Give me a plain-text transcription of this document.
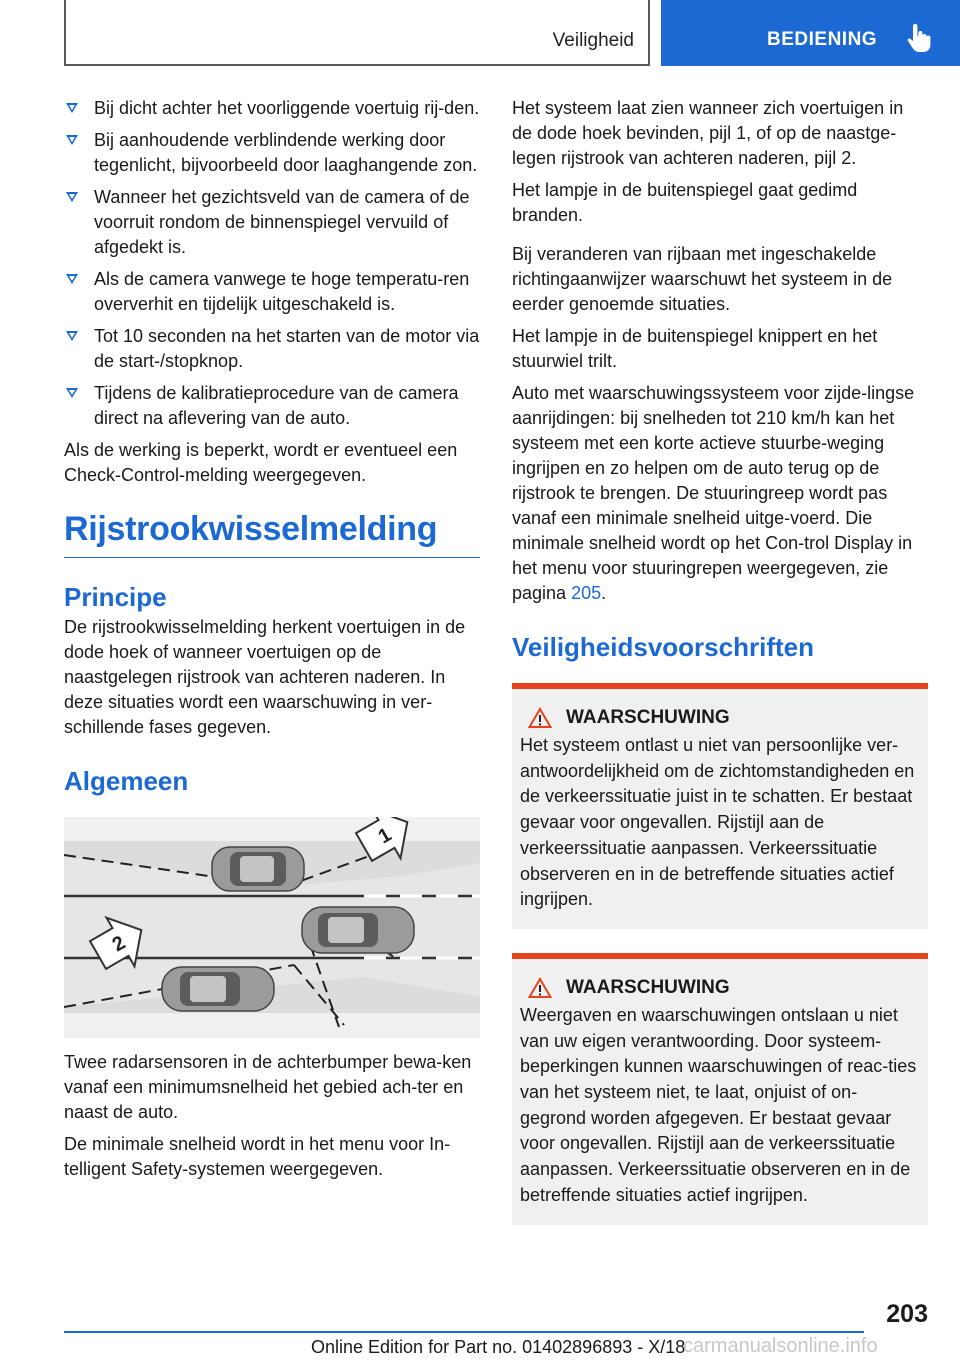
Veiligheid	BEDIENING
Bij dicht achter het voorliggende voertuig rij-den.
Bij aanhoudende verblindende werking door tegenlicht, bijvoorbeeld door laaghangende zon.
Wanneer het gezichtsveld van de camera of de voorruit rondom de binnenspiegel vervuild of afgedekt is.
Als de camera vanwege te hoge temperatu-ren oververhit en tijdelijk uitgeschakeld is.
Tot 10 seconden na het starten van de motor via de start-/stopknop.
Tijdens de kalibratieprocedure van de camera direct na aflevering van de auto.

Als de werking is beperkt, wordt er eventueel een Check-Control-melding weergegeven.

Rijstrookwisselmelding
Principe

De rijstrookwisselmelding herkent voertuigen in de dode hoek of wanneer voertuigen op de naastgelegen rijstrook van achteren naderen. In deze situaties wordt een waarschuwing in ver-schillende fases gegeven.

Algemeen
1
2

Twee radarsensoren in de achterbumper bewa-ken vanaf een minimumsnelheid het gebied ach-ter en naast de auto.

De minimale snelheid wordt in het menu voor In-telligent Safety-systemen weergegeven.

Het systeem laat zien wanneer zich voertuigen in de dode hoek bevinden, pijl 1, of op de naastge-legen rijstrook van achteren naderen, pijl 2.

Het lampje in de buitenspiegel gaat gedimd branden.

Bij veranderen van rijbaan met ingeschakelde richtingaanwijzer waarschuwt het systeem in de eerder genoemde situaties.

Het lampje in de buitenspiegel knippert en het stuurwiel trilt.

Auto met waarschuwingssysteem voor zijde-lingse aanrijdingen: bij snelheden tot 210 km/h kan het systeem met een korte actieve stuurbe-weging ingrijpen en zo helpen om de auto terug op de rijstrook te brengen. De stuuringreep wordt pas vanaf een minimale snelheid uitge-voerd. Die minimale snelheid wordt op het Con-trol Display in het menu voor stuuringrepen weergegeven, zie pagina 205.

Veiligheidsvoorschriften
WAARSCHUWING

Het systeem ontlast u niet van persoonlijke ver-antwoordelijkheid om de zichtomstandigheden en de verkeerssituatie juist in te schatten. Er bestaat gevaar voor ongevallen. Rijstijl aan de verkeerssituatie aanpassen. Verkeerssituatie observeren en in de betreffende situaties actief ingrijpen.

WAARSCHUWING

Weergaven en waarschuwingen ontslaan u niet van uw eigen verantwoording. Door systeem-beperkingen kunnen waarschuwingen of reac-ties van het systeem niet, te laat, onjuist of on-gegrond worden afgegeven. Er bestaat gevaar voor ongevallen. Rijstijl aan de verkeerssituatie aanpassen. Verkeerssituatie observeren en in de betreffende situaties actief ingrijpen.

203
Online Edition for Part no. 01402896893 - X/18
carmanualsonline.info
